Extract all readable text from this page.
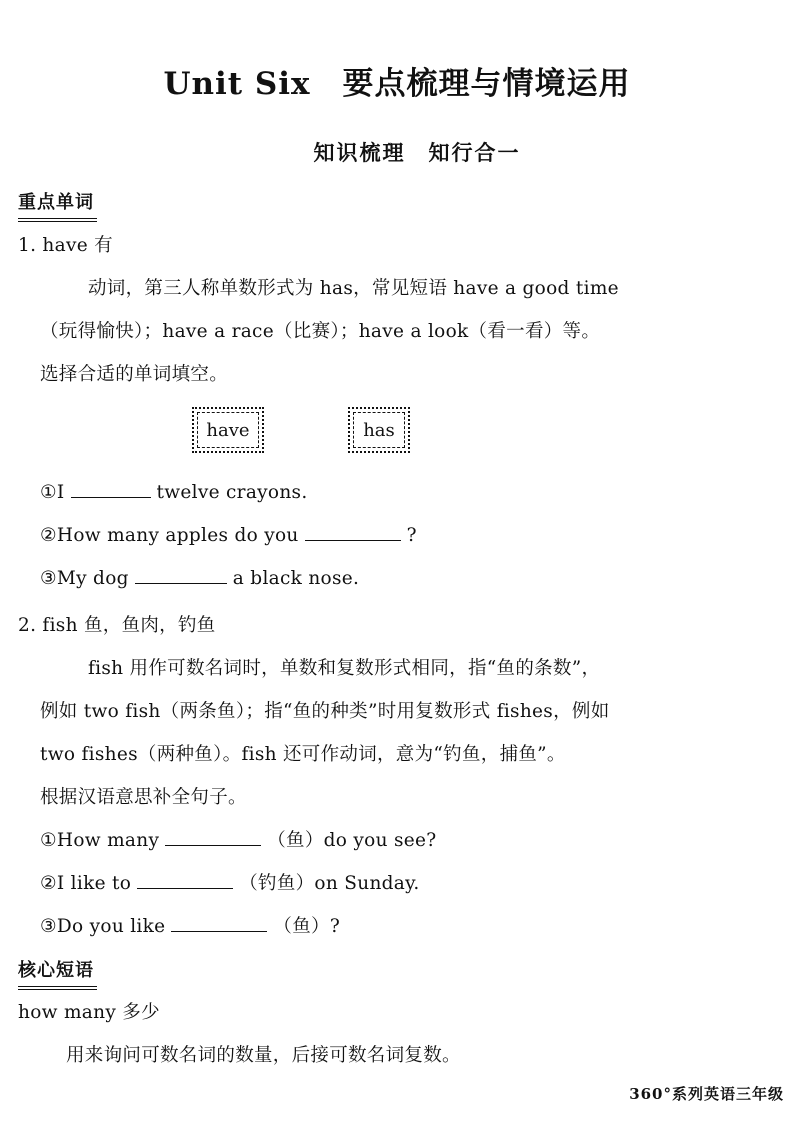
Unit Six　要点梳理与情境运用
知识梳理　知行合一
重点单词
1. have 有
动词，第三人称单数形式为 has，常见短语 have a good time
（玩得愉快）；have a race（比赛）；have a look（看一看）等。
选择合适的单词填空。
have	has
①I	twelve crayons.
②How many apples do you	?
③My dog	a black nose.
2. fish 鱼，鱼肉，钓鱼
fish 用作可数名词时，单数和复数形式相同，指“鱼的条数”，
例如 two fish（两条鱼）；指“鱼的种类”时用复数形式 fishes，例如
two fishes（两种鱼）。fish 还可作动词，意为“钓鱼，捕鱼”。
根据汉语意思补全句子。
①How many	（鱼）do you see?
②I like to	（钓鱼）on Sunday.
③Do you like	（鱼）?
核心短语
how many 多少
用来询问可数名词的数量，后接可数名词复数。
360°系列英语三年级
